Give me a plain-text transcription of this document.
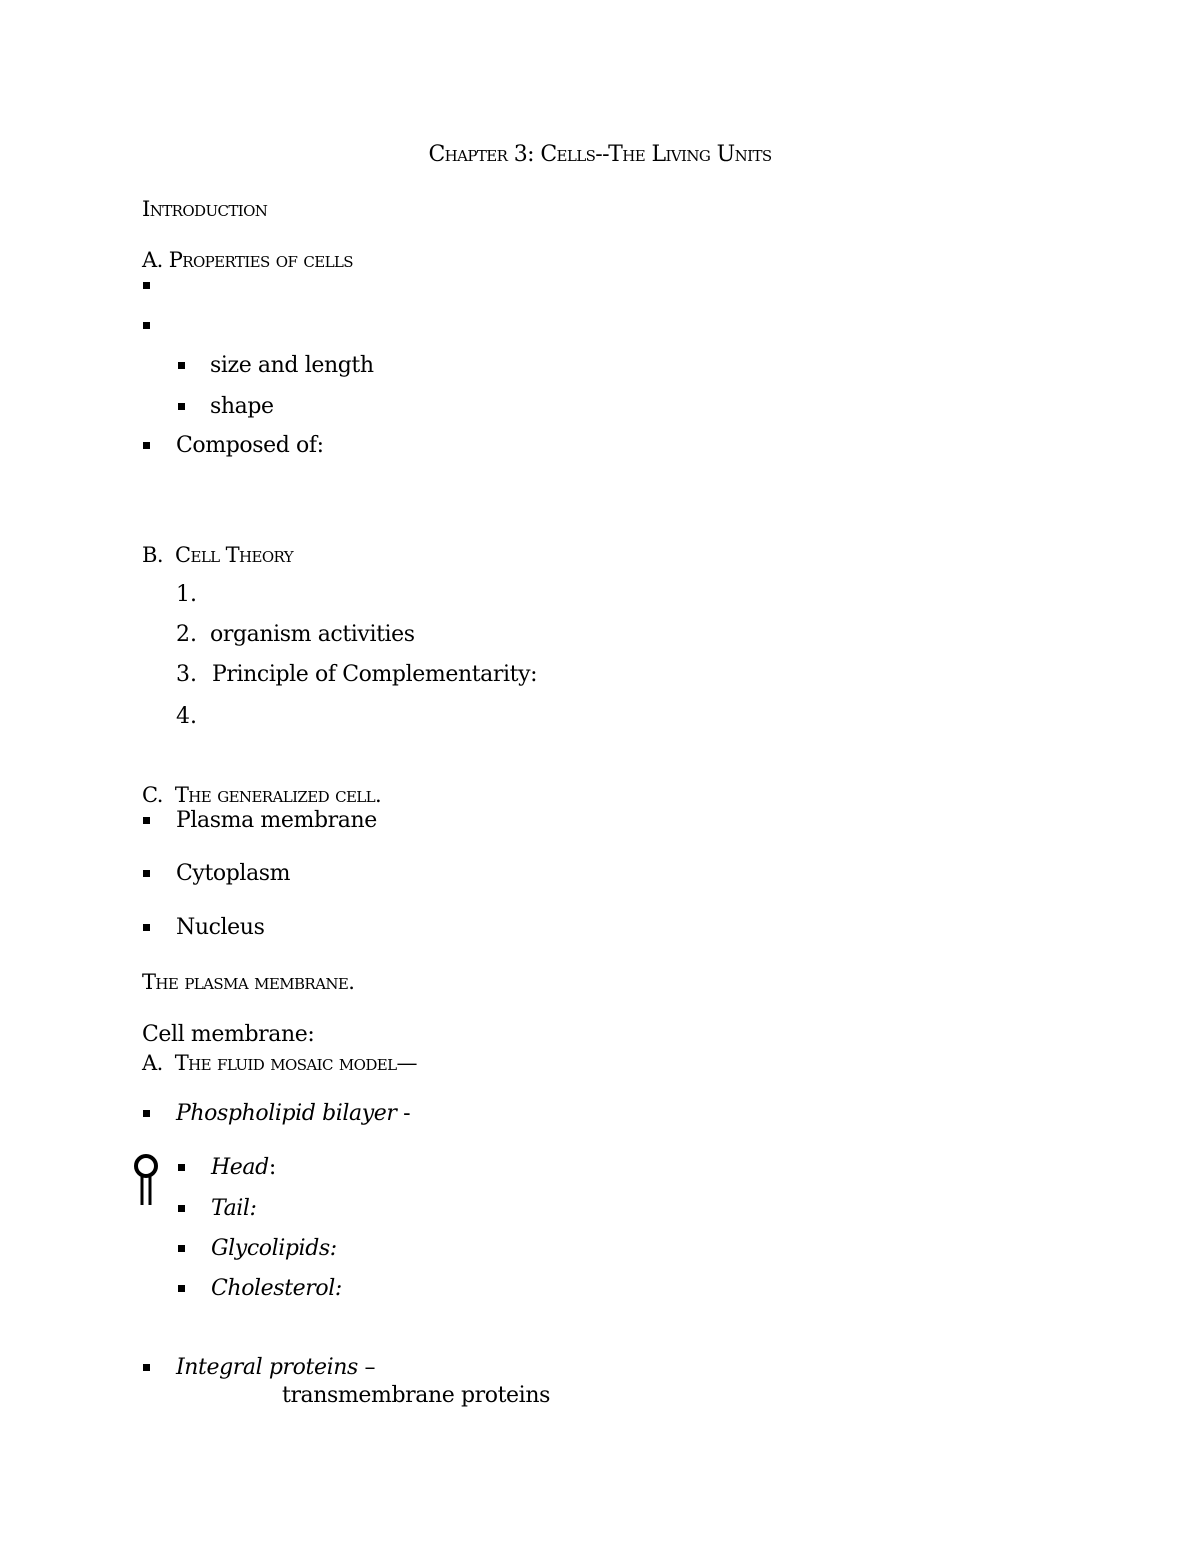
Chapter 3: Cells--The Living Units
Introduction
A. Properties of cells
size and length
shape
Composed of:
B. Cell Theory
1.
2. organism activities
3. Principle of Complementarity:
4.
C. The generalized cell.
Plasma membrane
Cytoplasm
Nucleus
The plasma membrane.
Cell membrane:
A. The fluid mosaic model—
Phospholipid bilayer -
Head:
Tail:
Glycolipids:
Cholesterol:
Integral proteins –
transmembrane proteins
